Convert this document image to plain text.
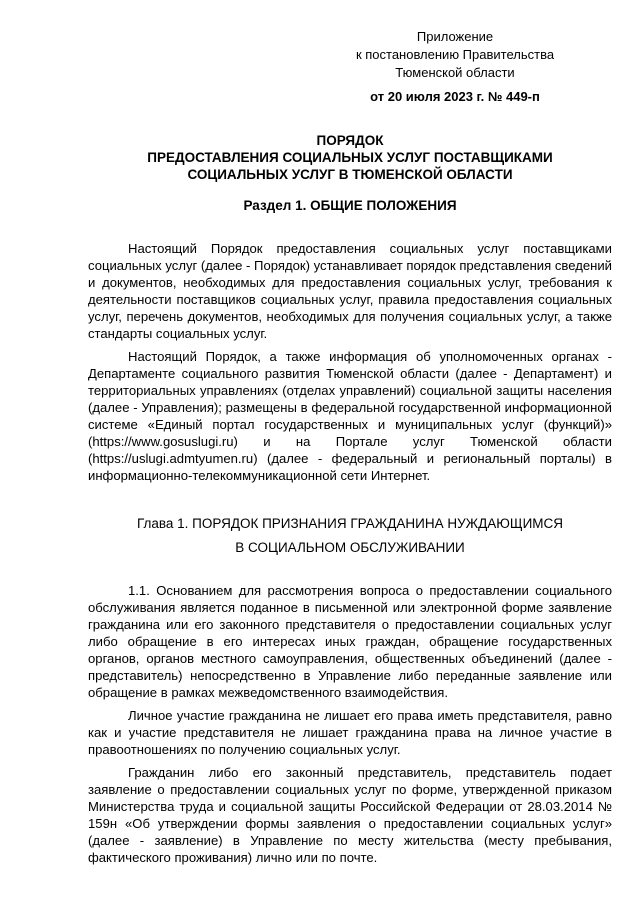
Приложение
к постановлению Правительства
Тюменской области
от 20 июля 2023 г. № 449-п
ПОРЯДОК
ПРЕДОСТАВЛЕНИЯ СОЦИАЛЬНЫХ УСЛУГ ПОСТАВЩИКАМИ
СОЦИАЛЬНЫХ УСЛУГ В ТЮМЕНСКОЙ ОБЛАСТИ
Раздел 1. ОБЩИЕ ПОЛОЖЕНИЯ

Настоящий Порядок предоставления социальных услуг поставщиками социальных услуг (далее - Порядок) устанавливает порядок представления сведений и документов, необходимых для предоставления социальных услуг, требования к деятельности поставщиков социальных услуг, правила предоставления социальных услуг, перечень документов, необходимых для получения социальных услуг, а также стандарты социальных услуг.

Настоящий Порядок, а также информация об уполномоченных органах - Департаменте социального развития Тюменской области (далее - Департамент) и территориальных управлениях (отделах управлений) социальной защиты населения (далее - Управления); размещены в федеральной государственной информационной системе «Единый портал государственных и муниципальных услуг (функций)» (https://www.gosuslugi.ru) и на Портале услуг Тюменской области (https://uslugi.admtyumen.ru) (далее - федеральный и региональный порталы) в информационно-телекоммуникационной сети Интернет.

Глава 1. ПОРЯДОК ПРИЗНАНИЯ ГРАЖДАНИНА НУЖДАЮЩИМСЯ
В СОЦИАЛЬНОМ ОБСЛУЖИВАНИИ

1.1. Основанием для рассмотрения вопроса о предоставлении социального обслуживания является поданное в письменной или электронной форме заявление гражданина или его законного представителя о предоставлении социальных услуг либо обращение в его интересах иных граждан, обращение государственных органов, органов местного самоуправления, общественных объединений (далее - представитель) непосредственно в Управление либо переданные заявление или обращение в рамках межведомственного взаимодействия.

Личное участие гражданина не лишает его права иметь представителя, равно как и участие представителя не лишает гражданина права на личное участие в правоотношениях по получению социальных услуг.

Гражданин либо его законный представитель, представитель подает заявление о предоставлении социальных услуг по форме, утвержденной приказом Министерства труда и социальной защиты Российской Федерации от 28.03.2014 № 159н «Об утверждении формы заявления о предоставлении социальных услуг» (далее - заявление) в Управление по месту жительства (месту пребывания, фактического проживания) лично или по почте.
